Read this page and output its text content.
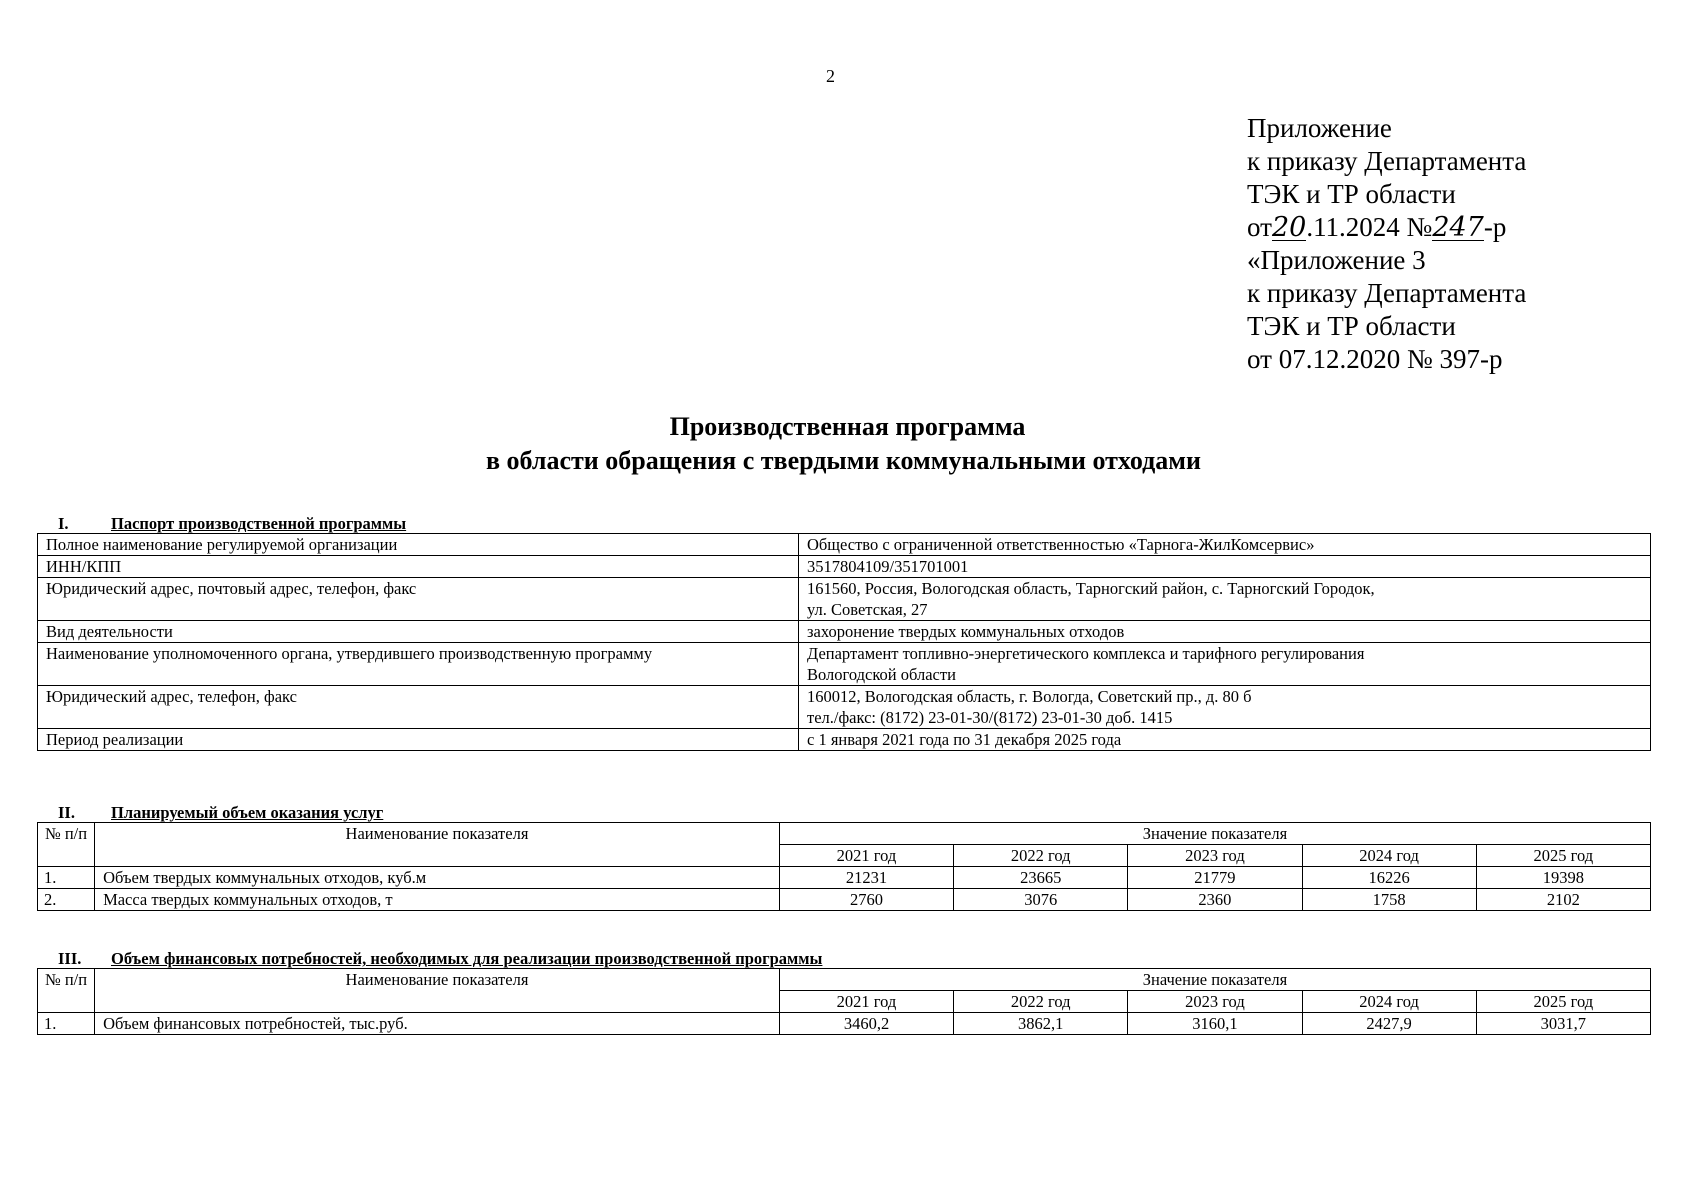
2
Приложение
к приказу Департамента
ТЭК и ТР области
от20.11.2024 №247-р
«Приложение 3
к приказу Департамента
ТЭК и ТР области
от 07.12.2020 № 397-р
Производственная программа
в области обращения с твердыми коммунальными отходами
I.	Паспорт производственной программы
Полное наименование регулируемой организации	Общество с ограниченной ответственностью «Тарнога-ЖилКомсервис»

ИНН/КПП	3517804109/351701001

Юридический адрес, почтовый адрес, телефон, факс	161560, Россия, Вологодская область, Тарногский район, с. Тарногский Городок,
ул. Советская, 27

Вид деятельности	захоронение твердых коммунальных отходов

Наименование уполномоченного органа, утвердившего производственную программу	Департамент топливно-энергетического комплекса и тарифного регулирования
Вологодской области

Юридический адрес, телефон, факс	160012, Вологодская область, г. Вологда, Советский пр., д. 80 б
тел./факс: (8172) 23-01-30/(8172) 23-01-30 доб. 1415

Период реализации	с 1 января 2021 года по 31 декабря 2025 года
II. Планируемый объем оказания услуг
№ п/п	Наименование показателя	Значение показателя				
		2021 год	2022 год	2023 год	2024 год	2025 год
1.	Объем твердых коммунальных отходов, куб.м	21231	23665	21779	16226	19398
2.	Масса твердых коммунальных отходов, т	2760	3076	2360	1758	2102
III. Объем финансовых потребностей, необходимых для реализации производственной программы
№ п/п	Наименование показателя	Значение показателя				
		2021 год	2022 год	2023 год	2024 год	2025 год
1.	Объем финансовых потребностей, тыс.руб.	3460,2	3862,1	3160,1	2427,9	3031,7
